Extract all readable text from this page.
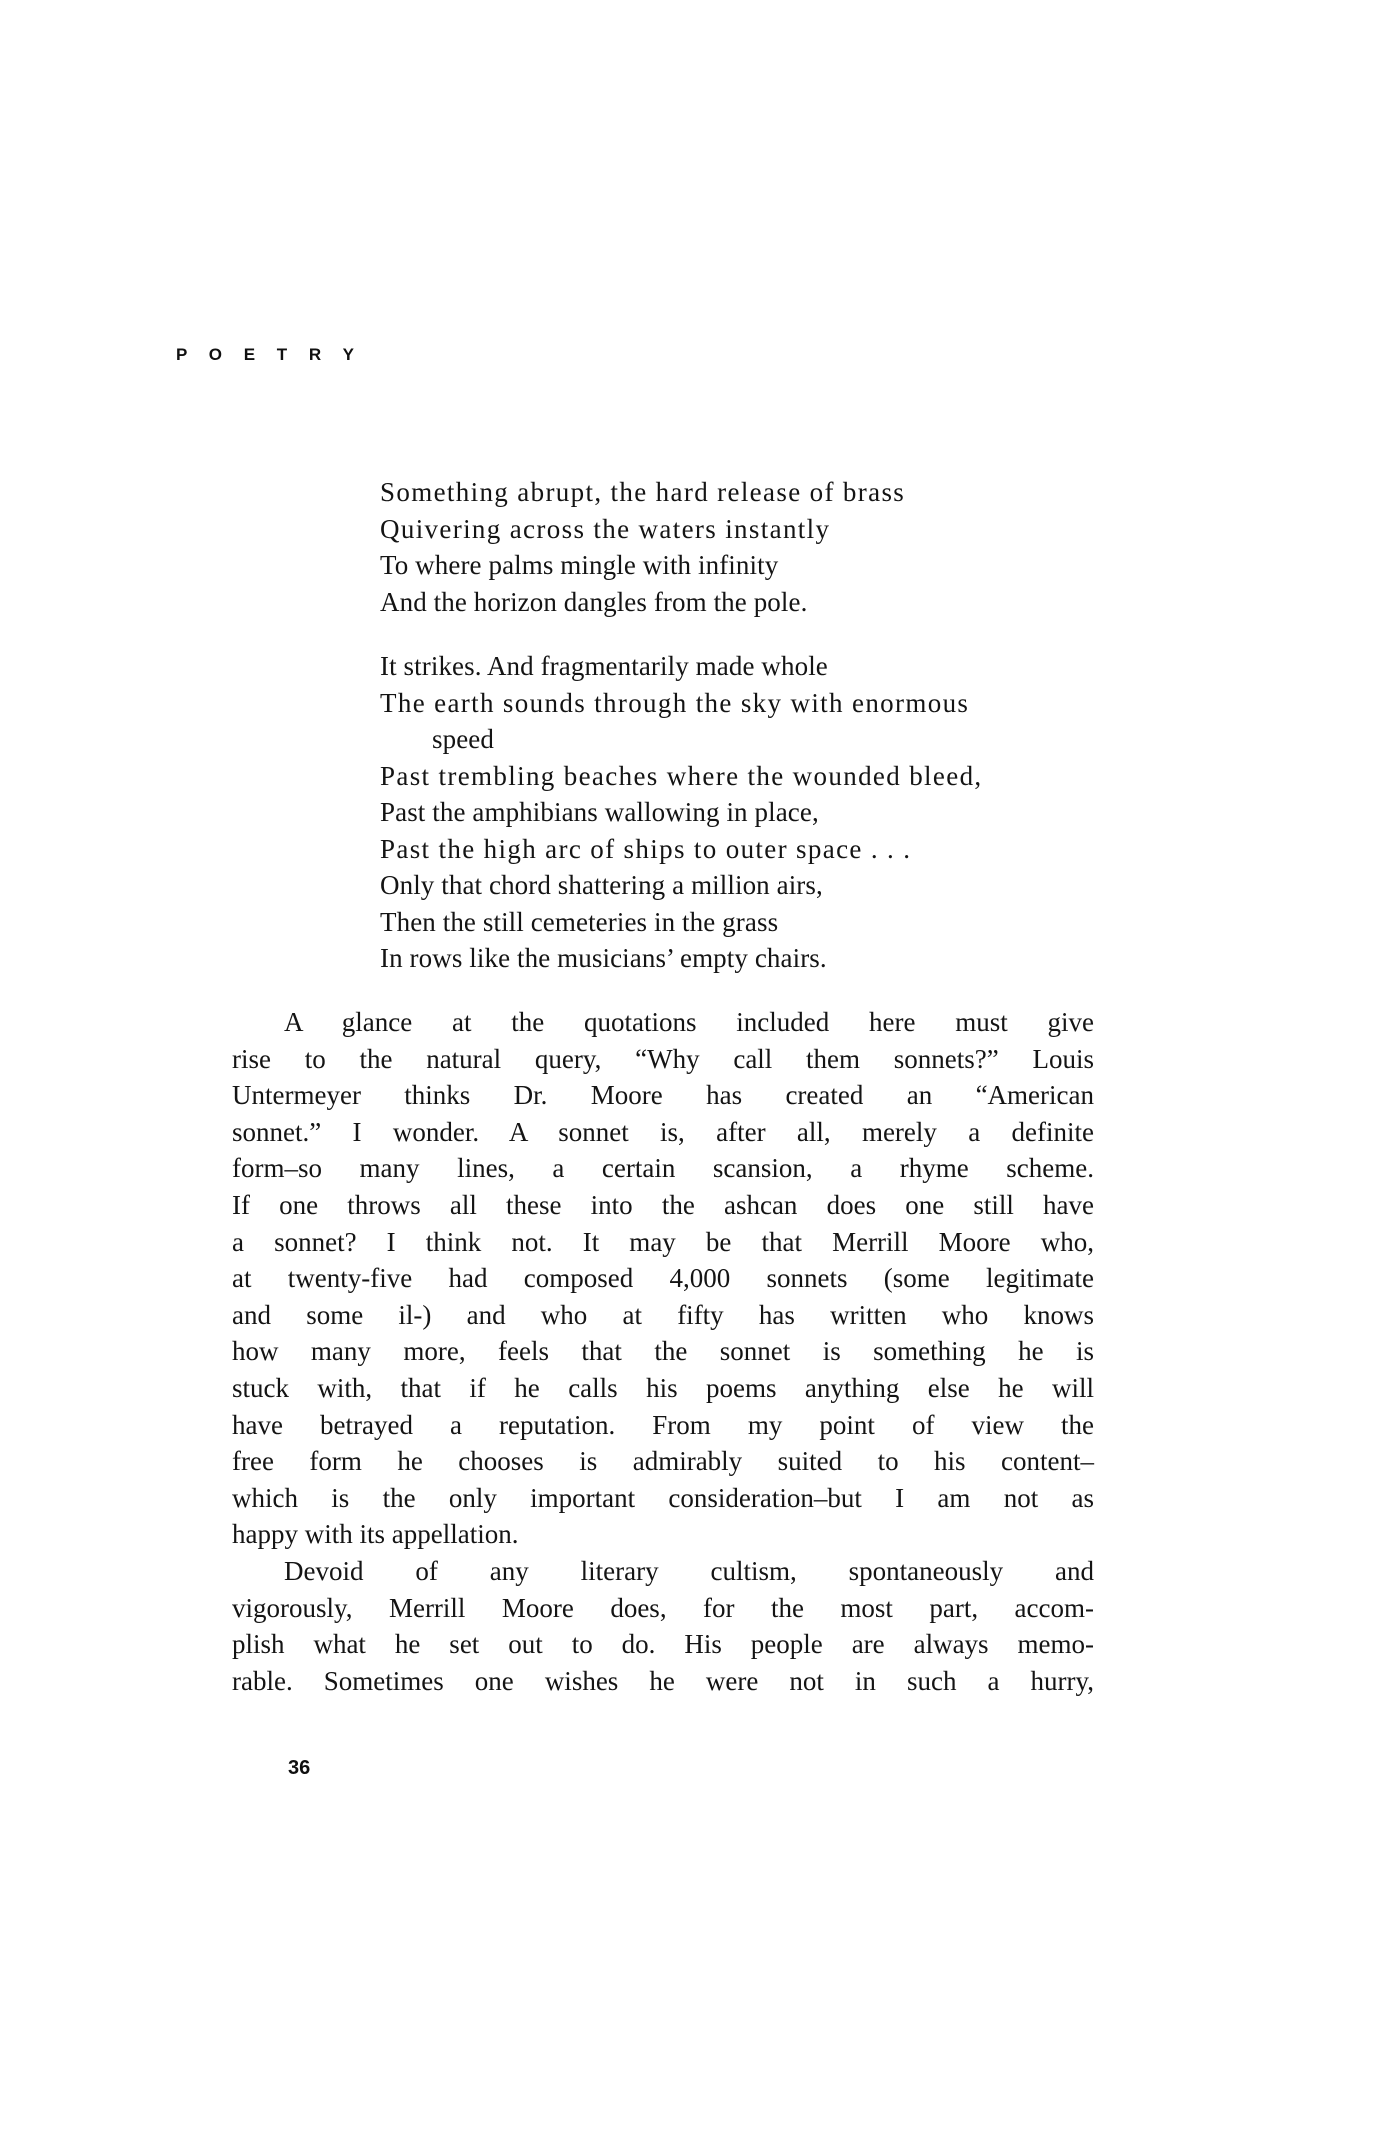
P O E T R Y
Something abrupt, the hard release of brass
Quivering across the waters instantly
To where palms mingle with infinity
And the horizon dangles from the pole.
It strikes. And fragmentarily made whole
The earth sounds through the sky with enormous
speed
Past trembling beaches where the wounded bleed,
Past the amphibians wallowing in place,
Past the high arc of ships to outer space . . .
Only that chord shattering a million airs,
Then the still cemeteries in the grass
In rows like the musicians’ empty chairs.
A glance at the quotations included here must give
rise to the natural query, “Why call them sonnets?” Louis
Untermeyer thinks Dr. Moore has created an “American
sonnet.” I wonder. A sonnet is, after all, merely a definite
form–so many lines, a certain scansion, a rhyme scheme.
If one throws all these into the ashcan does one still have
a sonnet? I think not. It may be that Merrill Moore who,
at twenty-five had composed 4,000 sonnets (some legitimate
and some il-) and who at fifty has written who knows
how many more, feels that the sonnet is something he is
stuck with, that if he calls his poems anything else he will
have betrayed a reputation. From my point of view the
free form he chooses is admirably suited to his content–
which is the only important consideration–but I am not as
happy with its appellation.
Devoid of any literary cultism, spontaneously and
vigorously, Merrill Moore does, for the most part, accom-
plish what he set out to do. His people are always memo-
rable. Sometimes one wishes he were not in such a hurry,
36
